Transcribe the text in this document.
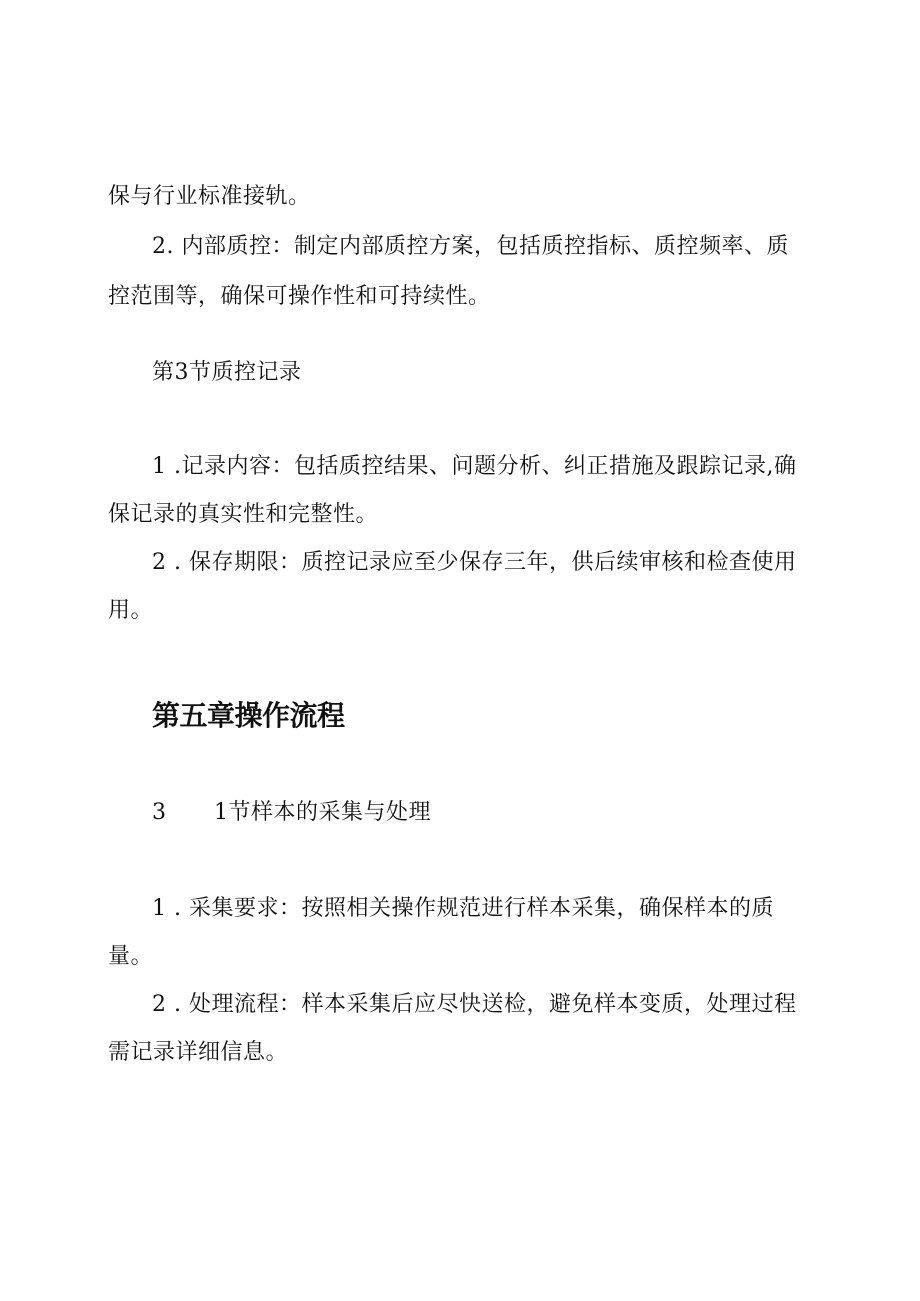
保与行业标准接轨。
2. 内部质控：制定内部质控方案，包括质控指标、质控频率、质
控范围等，确保可操作性和可持续性。
第3节质控记录
1 .记录内容：包括质控结果、问题分析、纠正措施及跟踪记录,确
保记录的真实性和完整性。
2 . 保存期限：质控记录应至少保存三年，供后续审核和检查使用
用。
第五章操作流程
3 1节样本的采集与处理
1 . 采集要求：按照相关操作规范进行样本采集，确保样本的质
量。
2 . 处理流程：样本采集后应尽快送检，避免样本变质，处理过程
需记录详细信息。
